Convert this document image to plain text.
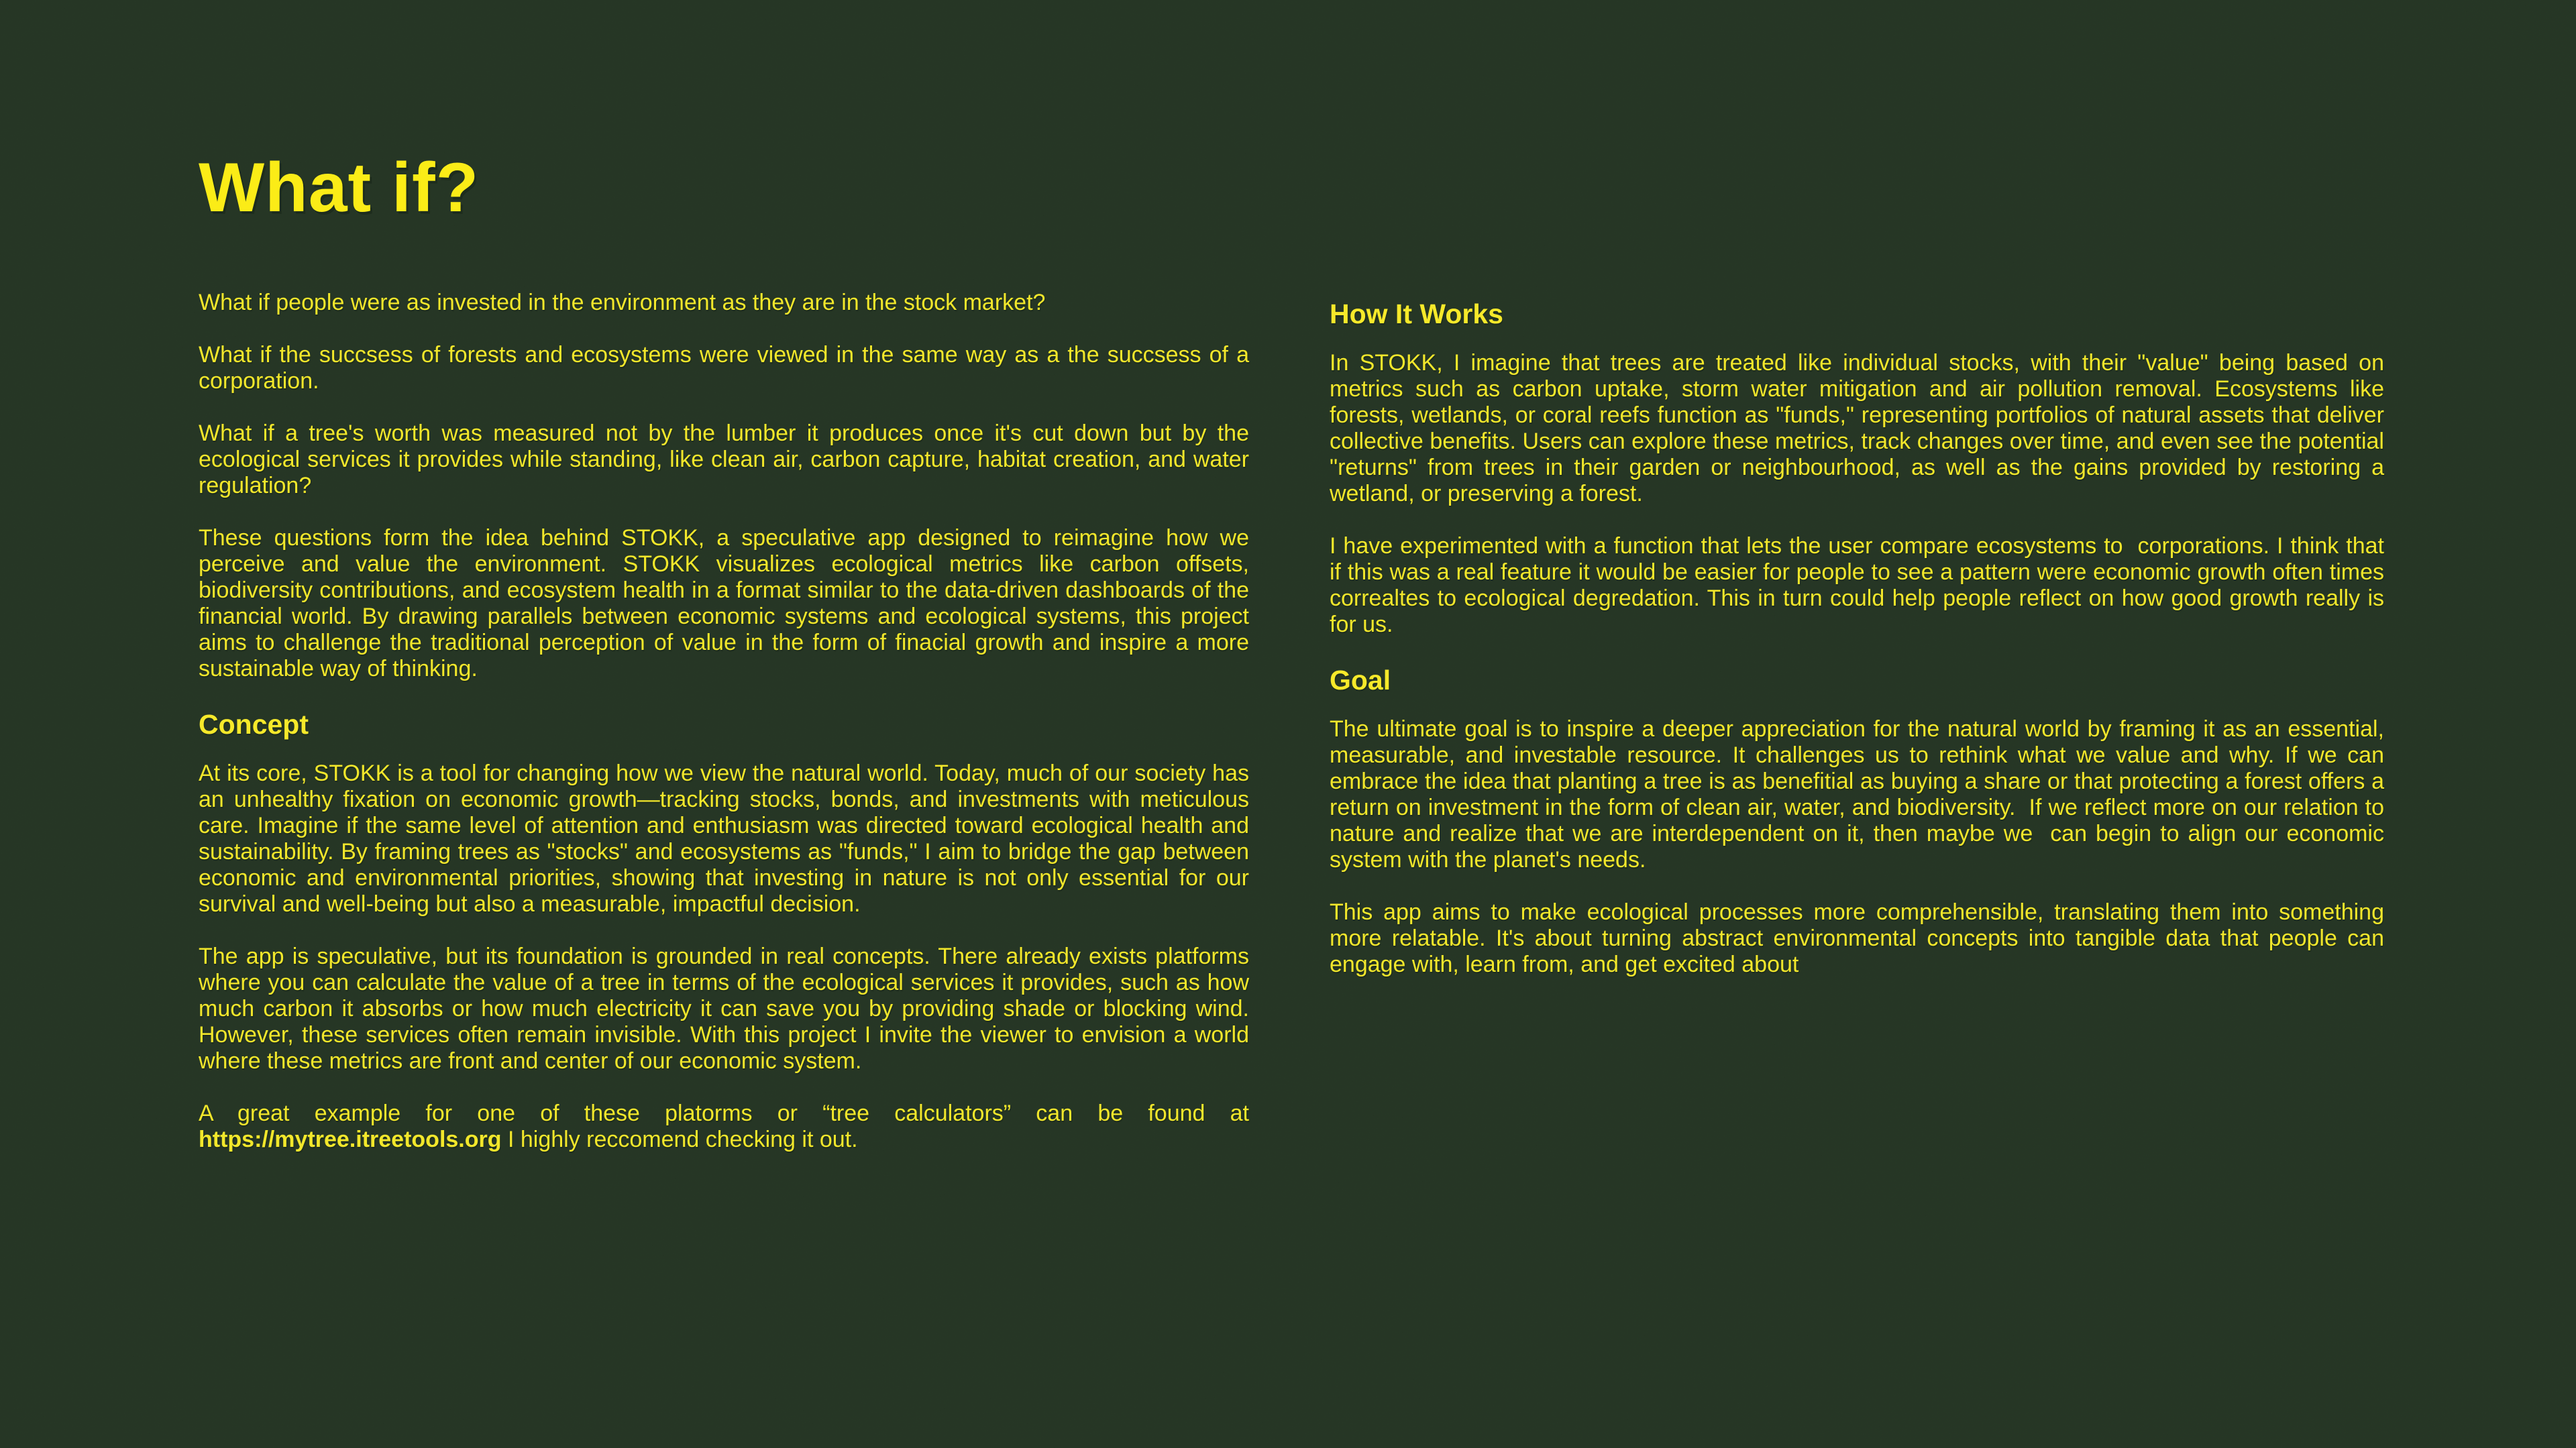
What if?

What if people were as invested in the environment as they are in the stock market?

What if the succsess of forests and ecosystems were viewed in the same way as a the succsess of a corporation.

What if a tree's worth was measured not by the lumber it produces once it's cut down but by the ecological services it provides while standing, like clean air, carbon capture, habitat creation, and water regulation?

These questions form the idea behind STOKK, a speculative app designed to reimagine how we perceive and value the environment. STOKK visualizes ecological metrics like carbon offsets, biodiversity contributions, and ecosystem health in a format similar to the data-driven dashboards of the financial world. By drawing parallels between economic systems and ecological systems, this project aims to challenge the traditional perception of value in the form of finacial growth and inspire a more sustainable way of thinking.

Concept

At its core, STOKK is a tool for changing how we view the natural world. Today, much of our society has an unhealthy fixation on economic growth—tracking stocks, bonds, and investments with meticulous care. Imagine if the same level of attention and enthusiasm was directed toward ecological health and sustainability. By framing trees as "stocks" and ecosystems as "funds," I aim to bridge the gap between economic and environmental priorities, showing that investing in nature is not only essential for our survival and well-being but also a measurable, impactful decision.

The app is speculative, but its foundation is grounded in real concepts. There already exists platforms where you can calculate the value of a tree in terms of the ecological services it provides, such as how much carbon it absorbs or how much electricity it can save you by providing shade or blocking wind. However, these services often remain invisible. With this project I invite the viewer to envision a world where these metrics are front and center of our economic system.

A great example for one of these platorms or “tree calculators” can be found at https://mytree.itreetools.org I highly reccomend checking it out.

How It Works

In STOKK, I imagine that trees are treated like individual stocks, with their "value" being based on metrics such as carbon uptake, storm water mitigation and air pollution removal. Ecosystems like forests, wetlands, or coral reefs function as "funds," representing portfolios of natural assets that deliver collective benefits. Users can explore these metrics, track changes over time, and even see the potential "returns" from trees in their garden or neighbourhood, as well as the gains provided by restoring a wetland, or preserving a forest.

I have experimented with a function that lets the user compare ecosystems to  corporations. I think that if this was a real feature it would be easier for people to see a pattern were economic growth often times correaltes to ecological degredation. This in turn could help people reflect on how good growth really is for us.

Goal

The ultimate goal is to inspire a deeper appreciation for the natural world by framing it as an essential, measurable, and investable resource. It challenges us to rethink what we value and why. If we can embrace the idea that planting a tree is as benefitial as buying a share or that protecting a forest offers a return on investment in the form of clean air, water, and biodiversity.  If we reflect more on our relation to nature and realize that we are interdependent on it, then maybe we  can begin to align our economic system with the planet's needs.

This app aims to make ecological processes more comprehensible, translating them into something more relatable. It's about turning abstract environmental concepts into tangible data that people can engage with, learn from, and get excited about
